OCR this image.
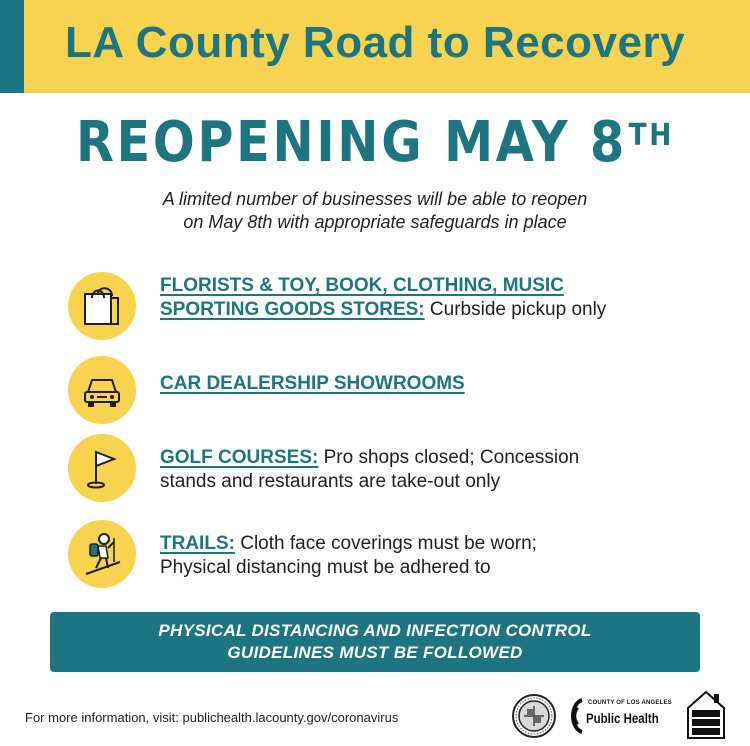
LA County Road to Recovery
REOPENING MAY 8TH
A limited number of businesses will be able to reopen
on May 8th with appropriate safeguards in place
FLORISTS & TOY, BOOK, CLOTHING, MUSIC
SPORTING GOODS STORES: Curbside pickup only
CAR DEALERSHIP SHOWROOMS
GOLF COURSES: Pro shops closed; Concession
stands and restaurants are take-out only
TRAILS: Cloth face coverings must be worn;
Physical distancing must be adhered to
PHYSICAL DISTANCING AND INFECTION CONTROL
GUIDELINES MUST BE FOLLOWED
For more information, visit: publichealth.lacounty.gov/coronavirus
COUNTY OF LOS ANGELES
Public Health
